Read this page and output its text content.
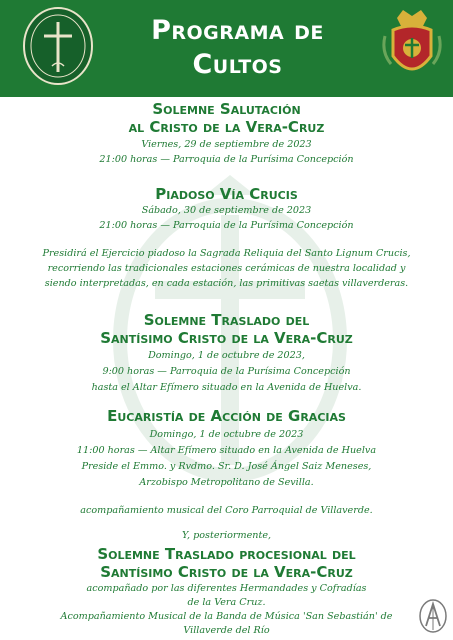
Programa de
Cultos
Solemne Salutación
al Cristo de la Vera-Cruz
Viernes, 29 de septiembre de 2023
21:00 horas — Parroquia de la Purísima Concepción
Piadoso Vía Crucis
Sábado, 30 de septiembre de 2023
21:00 horas — Parroquia de la Purísima Concepción
Presidirá el Ejercicio piadoso la Sagrada Reliquia del Santo Lignum Crucis,
recorriendo las tradicionales estaciones cerámicas de nuestra localidad y
siendo interpretadas, en cada estación, las primitivas saetas villaverderas.
Solemne Traslado del
Santísimo Cristo de la Vera-Cruz
Domingo, 1 de octubre de 2023,
9:00 horas — Parroquia de la Purísima Concepción
hasta el Altar Efímero situado en la Avenida de Huelva.
Eucaristía de Acción de Gracias
Domingo, 1 de octubre de 2023
11:00 horas — Altar Efímero situado en la Avenida de Huelva
Preside el Emmo. y Rvdmo. Sr. D. José Ángel Saiz Meneses,
Arzobispo Metropolitano de Sevilla.
acompañamiento musical del Coro Parroquial de Villaverde.
Y, posteriormente,
Solemne Traslado procesional del
Santísimo Cristo de la Vera-Cruz
acompañado por las diferentes Hermandades y Cofradías
de la Vera Cruz.
Acompañamiento Musical de la Banda de Música 'San Sebastián' de
Villaverde del Río
